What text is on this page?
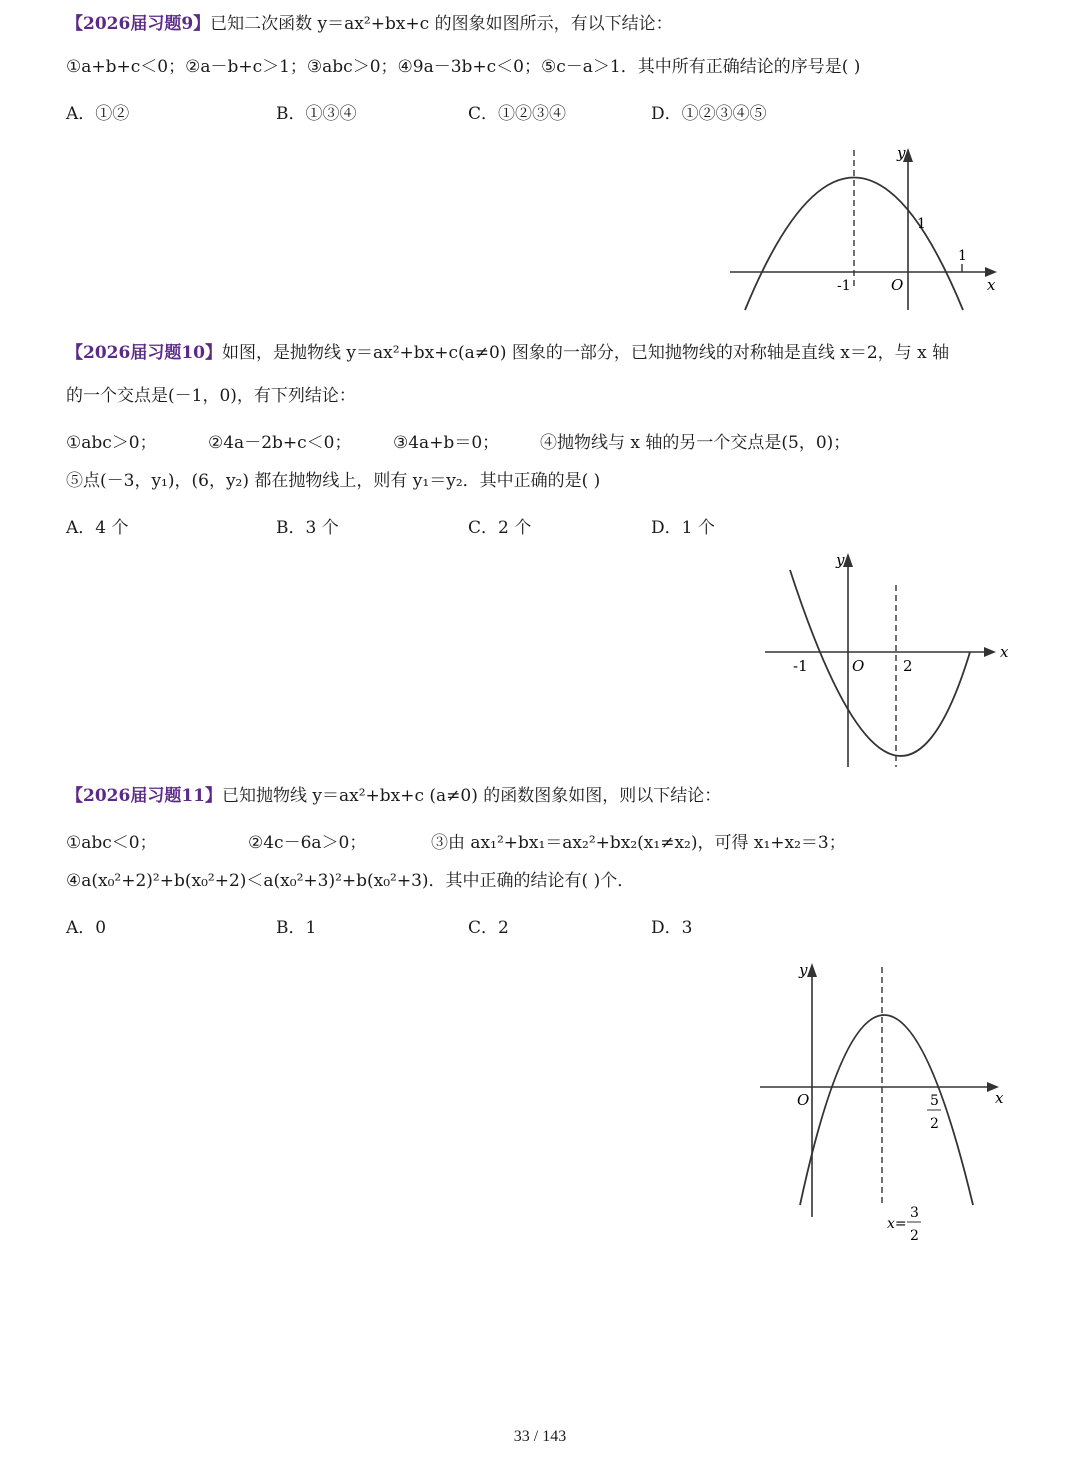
【2026届习题9】已知二次函数 y＝ax²+bx+c 的图象如图所示，有以下结论：
①a+b+c＜0；②a－b+c＞1；③abc＞0；④9a－3b+c＜0；⑤c－a＞1．其中所有正确结论的序号是( )
A．①②	B．①③④	C．①②③④	D．①②③④⑤
y
x
O
-1
1
1
【2026届习题10】如图，是抛物线 y＝ax²+bx+c(a≠0) 图象的一部分，已知抛物线的对称轴是直线 x＝2，与 x 轴
的一个交点是(－1，0)，有下列结论：
①abc＞0；	②4a－2b+c＜0； ③4a+b＝0； ④抛物线与 x 轴的另一个交点是(5，0)；
⑤点(－3，y₁)，(6，y₂) 都在抛物线上，则有 y₁＝y₂．其中正确的是( )
A．4 个	B．3 个	C．2 个	D．1 个
y
x
O
-1	2
【2026届习题11】已知抛物线 y＝ax²+bx+c (a≠0) 的函数图象如图，则以下结论：
①abc＜0；	②4c－6a＞0；	③由 ax₁²+bx₁＝ax₂²+bx₂(x₁≠x₂)，可得 x₁+x₂＝3；
④a(x₀²+2)²+b(x₀²+2)＜a(x₀²+3)²+b(x₀²+3)．其中正确的结论有( )个．
A．0	B．1	C．2	D．3
y
x
O	5
2
x=
3
2
33 / 143
